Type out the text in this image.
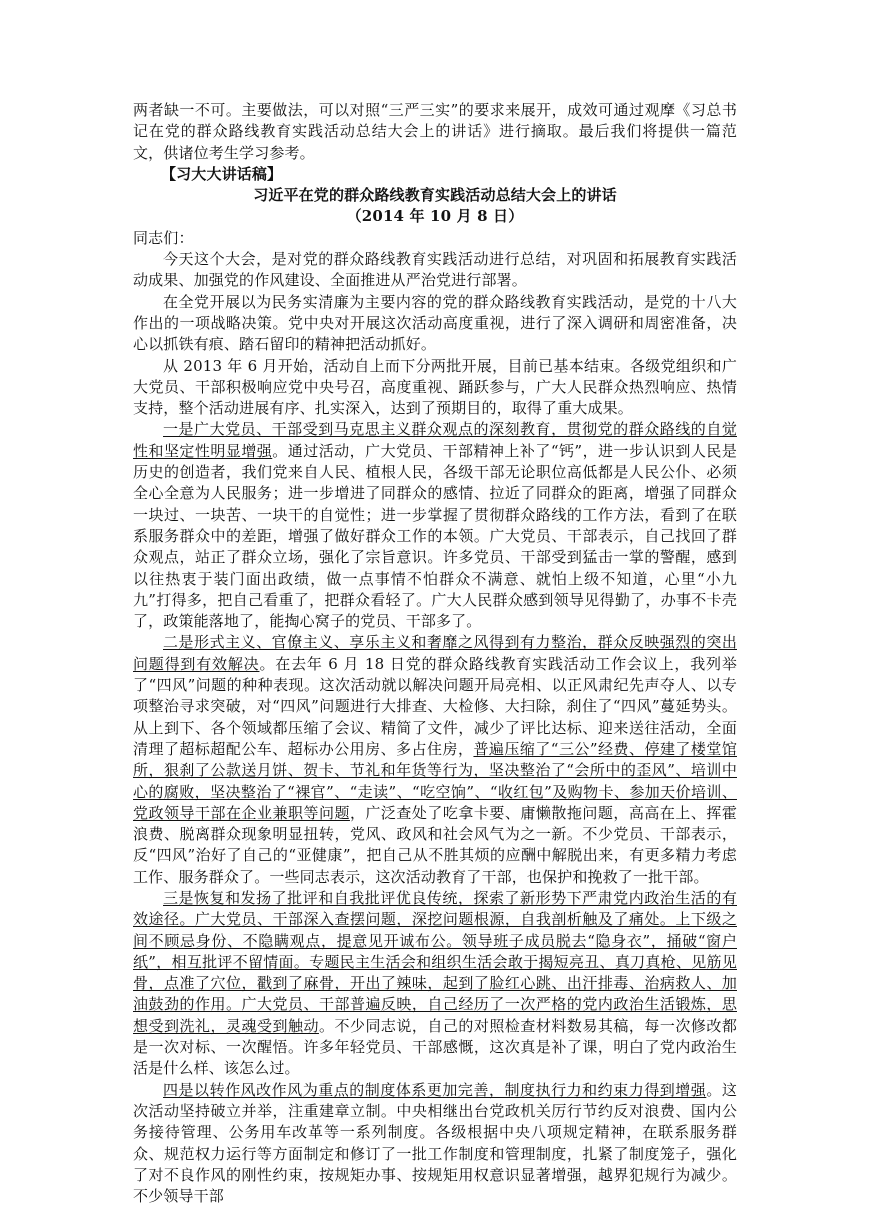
两者缺一不可。主要做法，可以对照“三严三实”的要求来展开，成效可通过观摩《习总书记在党的群众路线教育实践活动总结大会上的讲话》进行摘取。最后我们将提供一篇范文，供诸位考生学习参考。

【习大大讲话稿】

习近平在党的群众路线教育实践活动总结大会上的讲话

（2014 年 10 月 8 日）

同志们：

今天这个大会，是对党的群众路线教育实践活动进行总结，对巩固和拓展教育实践活动成果、加强党的作风建设、全面推进从严治党进行部署。

在全党开展以为民务实清廉为主要内容的党的群众路线教育实践活动，是党的十八大作出的一项战略决策。党中央对开展这次活动高度重视，进行了深入调研和周密准备，决心以抓铁有痕、踏石留印的精神把活动抓好。

从 2013 年 6 月开始，活动自上而下分两批开展，目前已基本结束。各级党组织和广大党员、干部积极响应党中央号召，高度重视、踊跃参与，广大人民群众热烈响应、热情支持，整个活动进展有序、扎实深入，达到了预期目的，取得了重大成果。

一是广大党员、干部受到马克思主义群众观点的深刻教育，贯彻党的群众路线的自觉性和坚定性明显增强。通过活动，广大党员、干部精神上补了“钙”，进一步认识到人民是历史的创造者，我们党来自人民、植根人民，各级干部无论职位高低都是人民公仆、必须全心全意为人民服务；进一步增进了同群众的感情、拉近了同群众的距离，增强了同群众一块过、一块苦、一块干的自觉性；进一步掌握了贯彻群众路线的工作方法，看到了在联系服务群众中的差距，增强了做好群众工作的本领。广大党员、干部表示，自己找回了群众观点，站正了群众立场，强化了宗旨意识。许多党员、干部受到猛击一掌的警醒，感到以往热衷于装门面出政绩，做一点事情不怕群众不满意、就怕上级不知道，心里“小九九”打得多，把自己看重了，把群众看轻了。广大人民群众感到领导见得勤了，办事不卡壳了，政策能落地了，能掏心窝子的党员、干部多了。

二是形式主义、官僚主义、享乐主义和奢靡之风得到有力整治，群众反映强烈的突出问题得到有效解决。在去年 6 月 18 日党的群众路线教育实践活动工作会议上，我列举了“四风”问题的种种表现。这次活动就以解决问题开局亮相、以正风肃纪先声夺人、以专项整治寻求突破，对“四风”问题进行大排查、大检修、大扫除，刹住了“四风”蔓延势头。从上到下、各个领域都压缩了会议、精简了文件，减少了评比达标、迎来送往活动，全面清理了超标超配公车、超标办公用房、多占住房，普遍压缩了“三公”经费、停建了楼堂馆所，狠刹了公款送月饼、贺卡、节礼和年货等行为，坚决整治了“会所中的歪风”、培训中心的腐败，坚决整治了“裸官”、“走读”、“吃空饷”、“收红包”及购物卡、参加天价培训、党政领导干部在企业兼职等问题，广泛查处了吃拿卡要、庸懒散拖问题，高高在上、挥霍浪费、脱离群众现象明显扭转，党风、政风和社会风气为之一新。不少党员、干部表示，反“四风”治好了自己的“亚健康”，把自己从不胜其烦的应酬中解脱出来，有更多精力考虑工作、服务群众了。一些同志表示，这次活动教育了干部，也保护和挽救了一批干部。

三是恢复和发扬了批评和自我批评优良传统，探索了新形势下严肃党内政治生活的有效途径。广大党员、干部深入查摆问题，深挖问题根源，自我剖析触及了痛处。上下级之间不顾忌身份、不隐瞒观点，提意见开诚布公。领导班子成员脱去“隐身衣”，捅破“窗户纸”，相互批评不留情面。专题民主生活会和组织生活会敢于揭短亮丑、真刀真枪、见筋见骨，点准了穴位，戳到了麻骨，开出了辣味，起到了脸红心跳、出汗排毒、治病救人、加油鼓劲的作用。广大党员、干部普遍反映，自己经历了一次严格的党内政治生活锻炼，思想受到洗礼，灵魂受到触动。不少同志说，自己的对照检查材料数易其稿，每一次修改都是一次对标、一次醒悟。许多年轻党员、干部感慨，这次真是补了课，明白了党内政治生活是什么样、该怎么过。

四是以转作风改作风为重点的制度体系更加完善，制度执行力和约束力得到增强。这次活动坚持破立并举，注重建章立制。中央相继出台党政机关厉行节约反对浪费、国内公务接待管理、公务用车改革等一系列制度。各级根据中央八项规定精神，在联系服务群众、规范权力运行等方面制定和修订了一批工作制度和管理制度，扎紧了制度笼子，强化了对不良作风的刚性约束，按规矩办事、按规矩用权意识显著增强，越界犯规行为减少。不少领导干部
